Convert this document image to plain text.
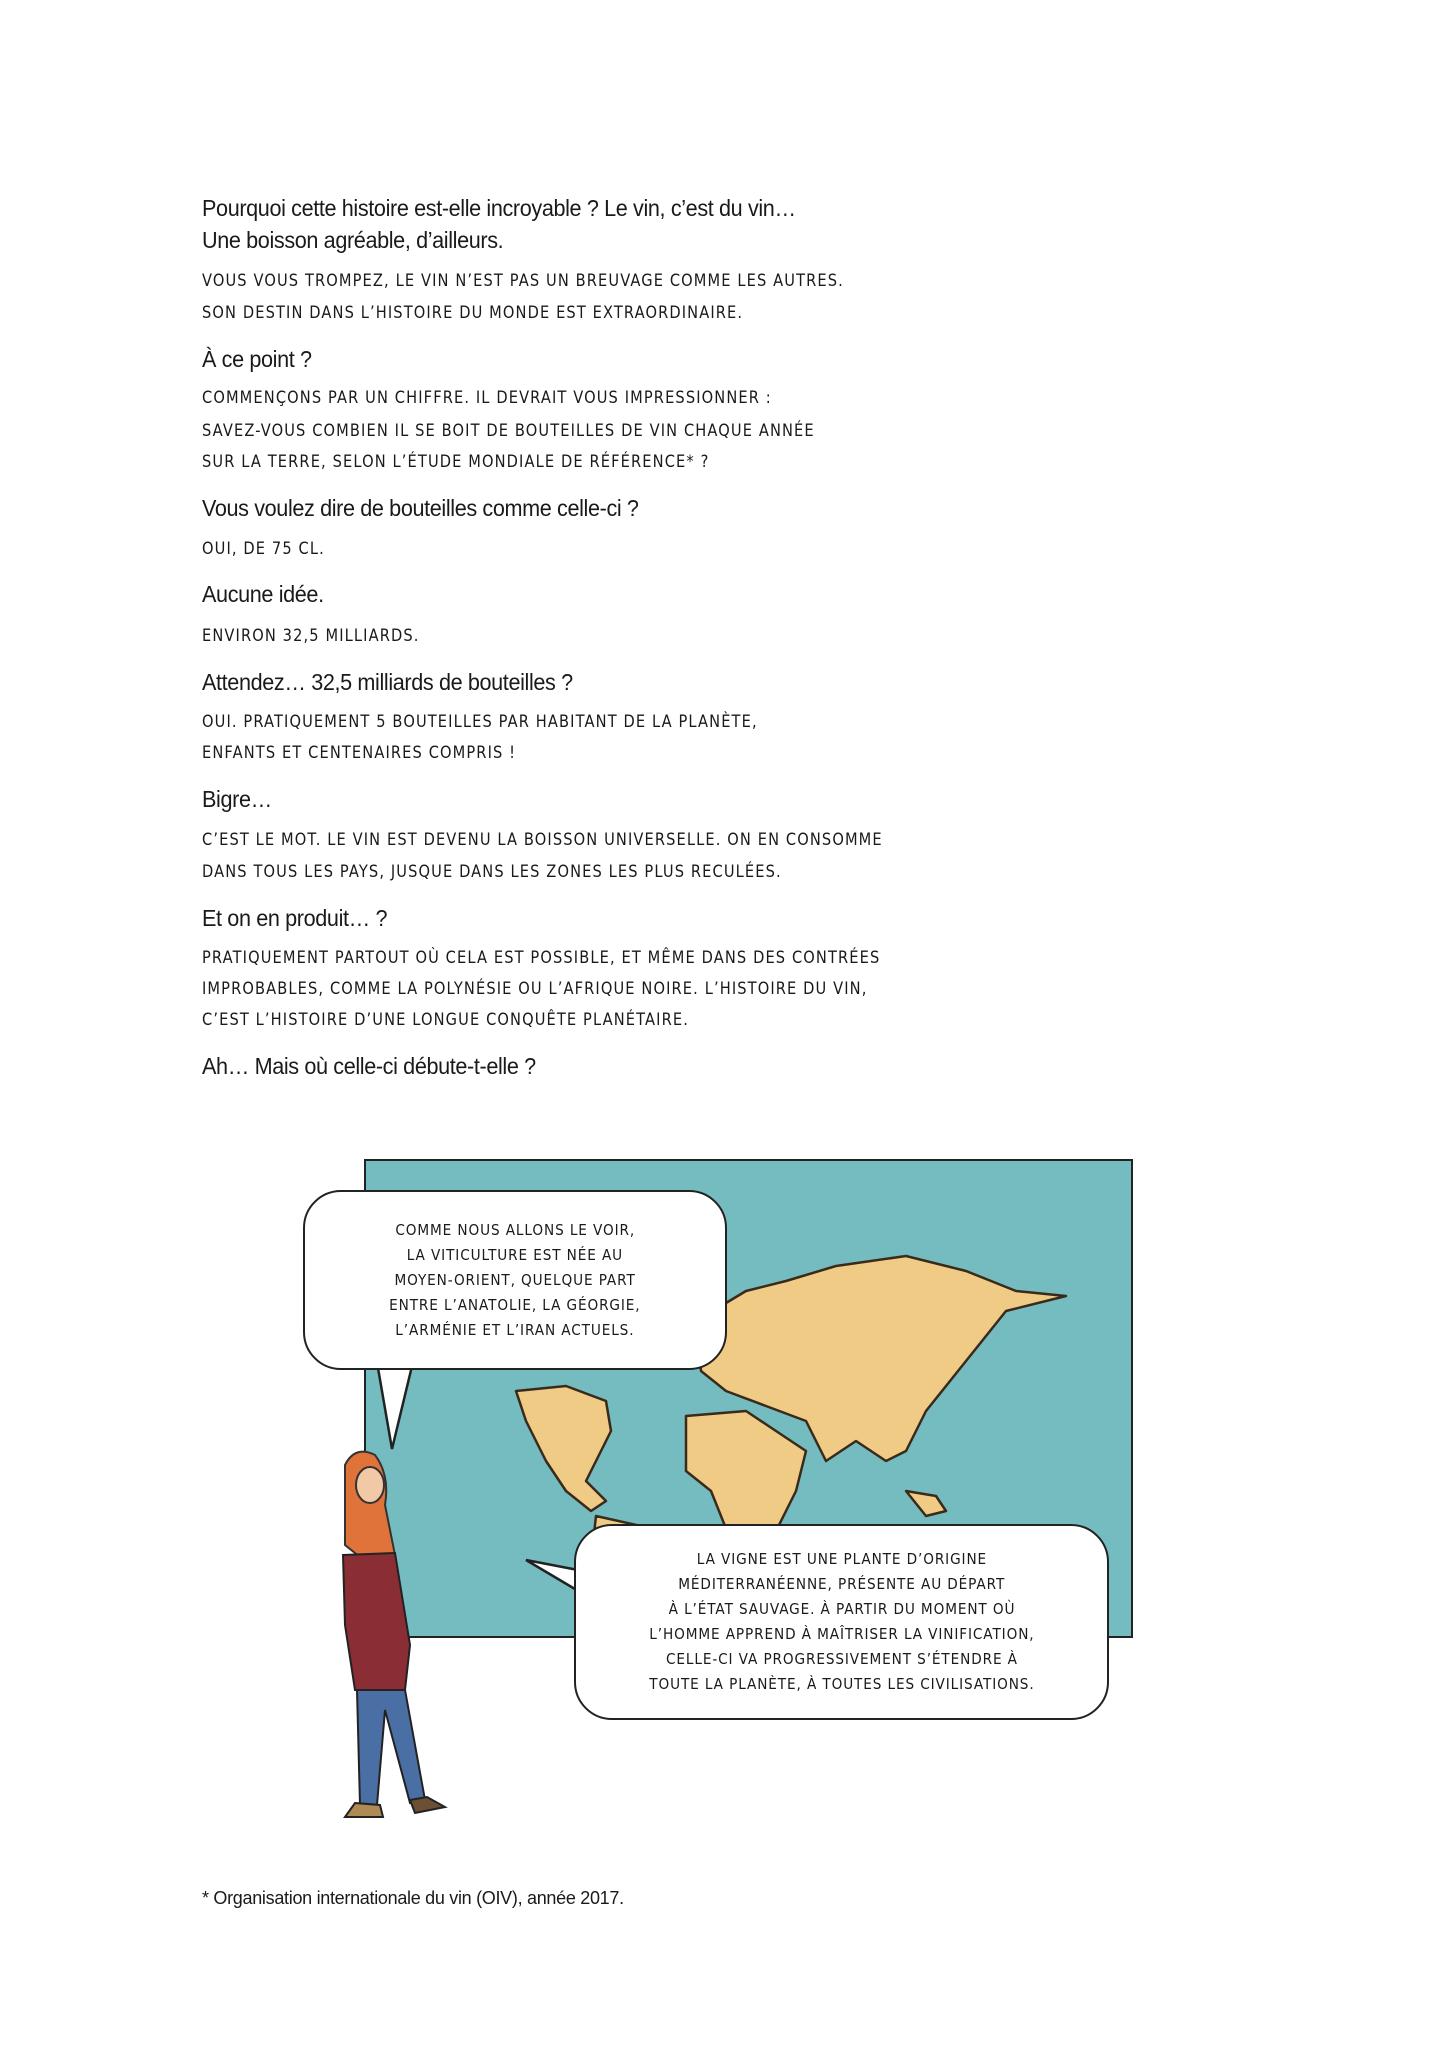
Pourquoi cette histoire est-elle incroyable ? Le vin, c’est du vin…
Une boisson agréable, d’ailleurs.
VOUS VOUS TROMPEZ, LE VIN N’EST PAS UN BREUVAGE COMME LES AUTRES.
SON DESTIN DANS L’HISTOIRE DU MONDE EST EXTRAORDINAIRE.
À ce point ?
COMMENÇONS PAR UN CHIFFRE. IL DEVRAIT VOUS IMPRESSIONNER :
SAVEZ-VOUS COMBIEN IL SE BOIT DE BOUTEILLES DE VIN CHAQUE ANNÉE
SUR LA TERRE, SELON L’ÉTUDE MONDIALE DE RÉFÉRENCE* ?
Vous voulez dire de bouteilles comme celle-ci ?
OUI, DE 75 CL.
Aucune idée.
ENVIRON 32,5 MILLIARDS.
Attendez… 32,5 milliards de bouteilles ?
OUI. PRATIQUEMENT 5 BOUTEILLES PAR HABITANT DE LA PLANÈTE,
ENFANTS ET CENTENAIRES COMPRIS !
Bigre…
C’EST LE MOT. LE VIN EST DEVENU LA BOISSON UNIVERSELLE. ON EN CONSOMME
DANS TOUS LES PAYS, JUSQUE DANS LES ZONES LES PLUS RECULÉES.
Et on en produit… ?
PRATIQUEMENT PARTOUT OÙ CELA EST POSSIBLE, ET MÊME DANS DES CONTRÉES
IMPROBABLES, COMME LA POLYNÉSIE OU L’AFRIQUE NOIRE. L’HISTOIRE DU VIN,
C’EST L’HISTOIRE D’UNE LONGUE CONQUÊTE PLANÉTAIRE.
Ah… Mais où celle-ci débute-t-elle ?
COMME NOUS ALLONS LE VOIR,
LA VITICULTURE EST NÉE AU
MOYEN-ORIENT, QUELQUE PART
ENTRE L’ANATOLIE, LA GÉORGIE,
L’ARMÉNIE ET L’IRAN ACTUELS.
LA VIGNE EST UNE PLANTE D’ORIGINE
MÉDITERRANÉENNE, PRÉSENTE AU DÉPART
À L’ÉTAT SAUVAGE. À PARTIR DU MOMENT OÙ
L’HOMME APPREND À MAÎTRISER LA VINIFICATION,
CELLE-CI VA PROGRESSIVEMENT S’ÉTENDRE À
TOUTE LA PLANÈTE, À TOUTES LES CIVILISATIONS.
* Organisation internationale du vin (OIV), année 2017.
